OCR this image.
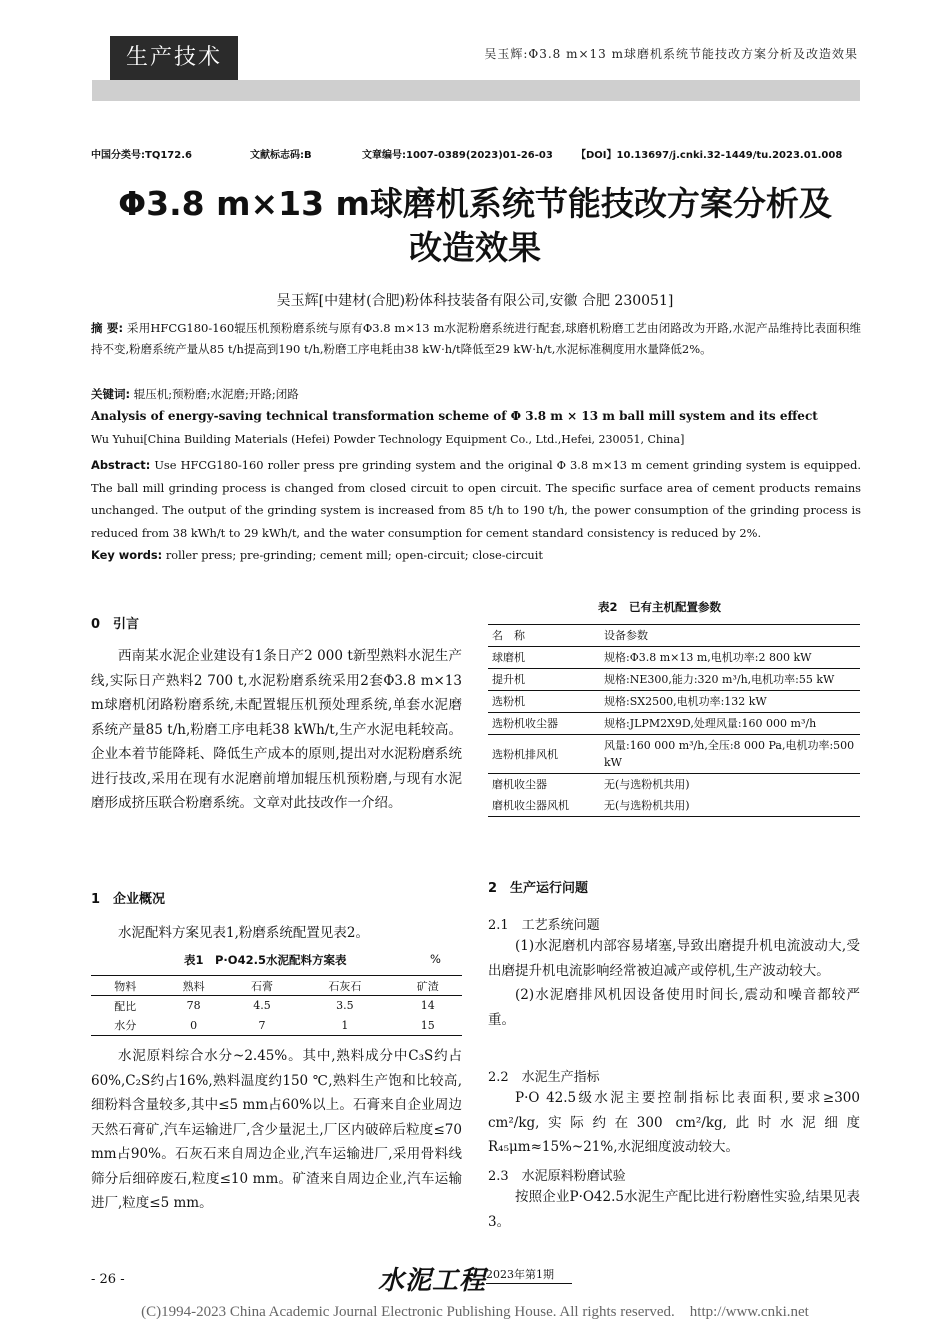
生产技术	吴玉辉:Φ3.8 m×13 m球磨机系统节能技改方案分析及改造效果
中国分类号:TQ172.6	文献标志码:B	文章编号:1007-0389(2023)01-26-03 【DOI】10.13697/j.cnki.32-1449/tu.2023.01.008
Φ3.8 m×13 m球磨机系统节能技改方案分析及
改造效果
吴玉辉[中建材(合肥)粉体科技装备有限公司,安徽 合肥 230051]
摘 要: 采用HFCG180-160辊压机预粉磨系统与原有Φ3.8 m×13 m水泥粉磨系统进行配套,球磨机粉磨工艺由闭路改为开路,水泥产品维持比表面积维持不变,粉磨系统产量从85 t/h提高到190 t/h,粉磨工序电耗由38 kW·h/t降低至29 kW·h/t,水泥标准稠度用水量降低2%。
关键词: 辊压机;预粉磨;水泥磨;开路;闭路
Analysis of energy-saving technical transformation scheme of Φ 3.8 m × 13 m ball mill system and its effect
Wu Yuhui[China Building Materials (Hefei) Powder Technology Equipment Co., Ltd.,Hefei, 230051, China]
Abstract: Use HFCG180-160 roller press pre grinding system and the original Φ 3.8 m×13 m cement grinding system is equipped. The ball mill grinding process is changed from closed circuit to open circuit. The specific surface area of cement products remains unchanged. The output of the grinding system is increased from 85 t/h to 190 t/h, the power consumption of the grinding process is reduced from 38 kWh/t to 29 kWh/t, and the water consumption for cement standard consistency is reduced by 2%.
Key words: roller press; pre-grinding; cement mill; open-circuit; close-circuit
0　引言

西南某水泥企业建设有1条日产2 000 t新型熟料水泥生产线,实际日产熟料2 700 t,水泥粉磨系统采用2套Φ3.8 m×13 m球磨机闭路粉磨系统,未配置辊压机预处理系统,单套水泥磨系统产量85 t/h,粉磨工序电耗38 kWh/t,生产水泥电耗较高。企业本着节能降耗、降低生产成本的原则,提出对水泥粉磨系统进行技改,采用在现有水泥磨前增加辊压机预粉磨,与现有水泥磨形成挤压联合粉磨系统。文章对此技改作一介绍。

1　企业概况

水泥配料方案见表1,粉磨系统配置见表2。

表1　P·O42.5水泥配料方案表	%
物料	熟料	石膏	石灰石	矿渣
配比	78	4.5	3.5	14
水分	0	7	1	15

水泥原料综合水分~2.45%。其中,熟料成分中C₃S约占60%,C₂S约占16%,熟料温度约150 ℃,熟料生产饱和比较高,细粉料含量较多,其中≤5 mm占60%以上。石膏来自企业周边天然石膏矿,汽车运输进厂,含少量泥土,厂区内破碎后粒度≤70 mm占90%。石灰石来自周边企业,汽车运输进厂,采用骨料线筛分后细碎废石,粒度≤10 mm。矿渣来自周边企业,汽车运输进厂,粒度≤5 mm。

表2　已有主机配置参数
名　称	设备参数
球磨机	规格:Φ3.8 m×13 m,电机功率:2 800 kW
提升机	规格:NE300,能力:320 m³/h,电机功率:55 kW
选粉机	规格:SX2500,电机功率:132 kW
选粉机收尘器	规格:JLPM2X9D,处理风量:160 000 m³/h
选粉机排风机	风量:160 000 m³/h,全压:8 000 Pa,电机功率:500 kW
磨机收尘器	无(与选粉机共用)
磨机收尘器风机	无(与选粉机共用)
2　生产运行问题
2.1　工艺系统问题

(1)水泥磨机内部容易堵塞,导致出磨提升机电流波动大,受出磨提升机电流影响经常被迫减产或停机,生产波动较大。

(2)水泥磨排风机因设备使用时间长,震动和噪音都较严重。

2.2　水泥生产指标

P·O 42.5级水泥主要控制指标比表面积,要求≥300 cm²/kg,实际约在300 cm²/kg,此时水泥细度R₄₅μm≈15%~21%,水泥细度波动较大。

2.3　水泥原料粉磨试验

按照企业P·O42.5水泥生产配比进行粉磨性实验,结果见表3。

- 26 -	水泥工程 2023年第1期
(C)1994-2023 China Academic Journal Electronic Publishing House. All rights reserved.　http://www.cnki.net
